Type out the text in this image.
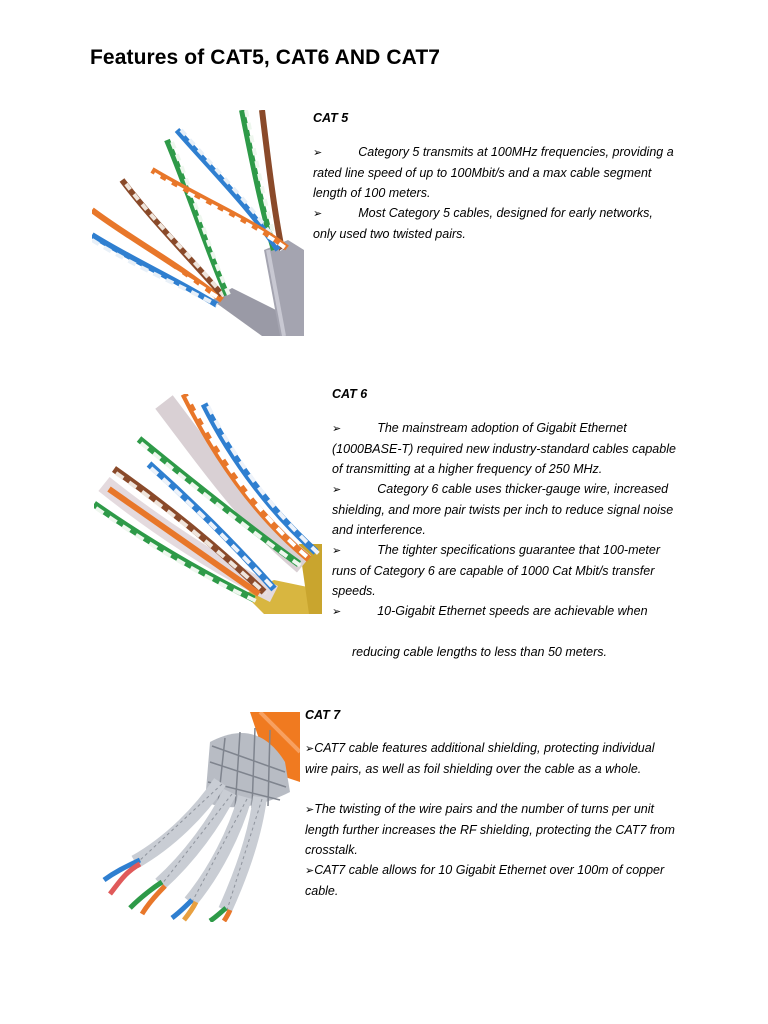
Features of CAT5, CAT6 AND CAT7
CAT 5

➢	Category 5 transmits at 100MHz frequencies, providing a rated line speed of up to 100Mbit/s and a max cable segment length of 100 meters.

➢	Most Category 5 cables, designed for early networks, only used two twisted pairs.

CAT 6

➢	The mainstream adoption of Gigabit Ethernet (1000BASE-T) required new industry-standard cables capable of transmitting at a higher frequency of 250 MHz.

➢	Category 6 cable uses thicker-gauge wire, increased shielding, and more pair twists per inch to reduce signal noise and interference.

➢	The tighter specifications guarantee that 100-meter runs of Category 6 are capable of 1000 Cat Mbit/s transfer speeds.

➢	10-Gigabit Ethernet speeds are achievable when

reducing cable lengths to less than 50 meters.

CAT 7

➢CAT7 cable features additional shielding, protecting individual wire pairs, as well as foil shielding over the cable as a whole.

➢The twisting of the wire pairs and the number of turns per unit length further increases the RF shielding, protecting the CAT7 from crosstalk.

➢CAT7 cable allows for 10 Gigabit Ethernet over 100m of copper cable.
